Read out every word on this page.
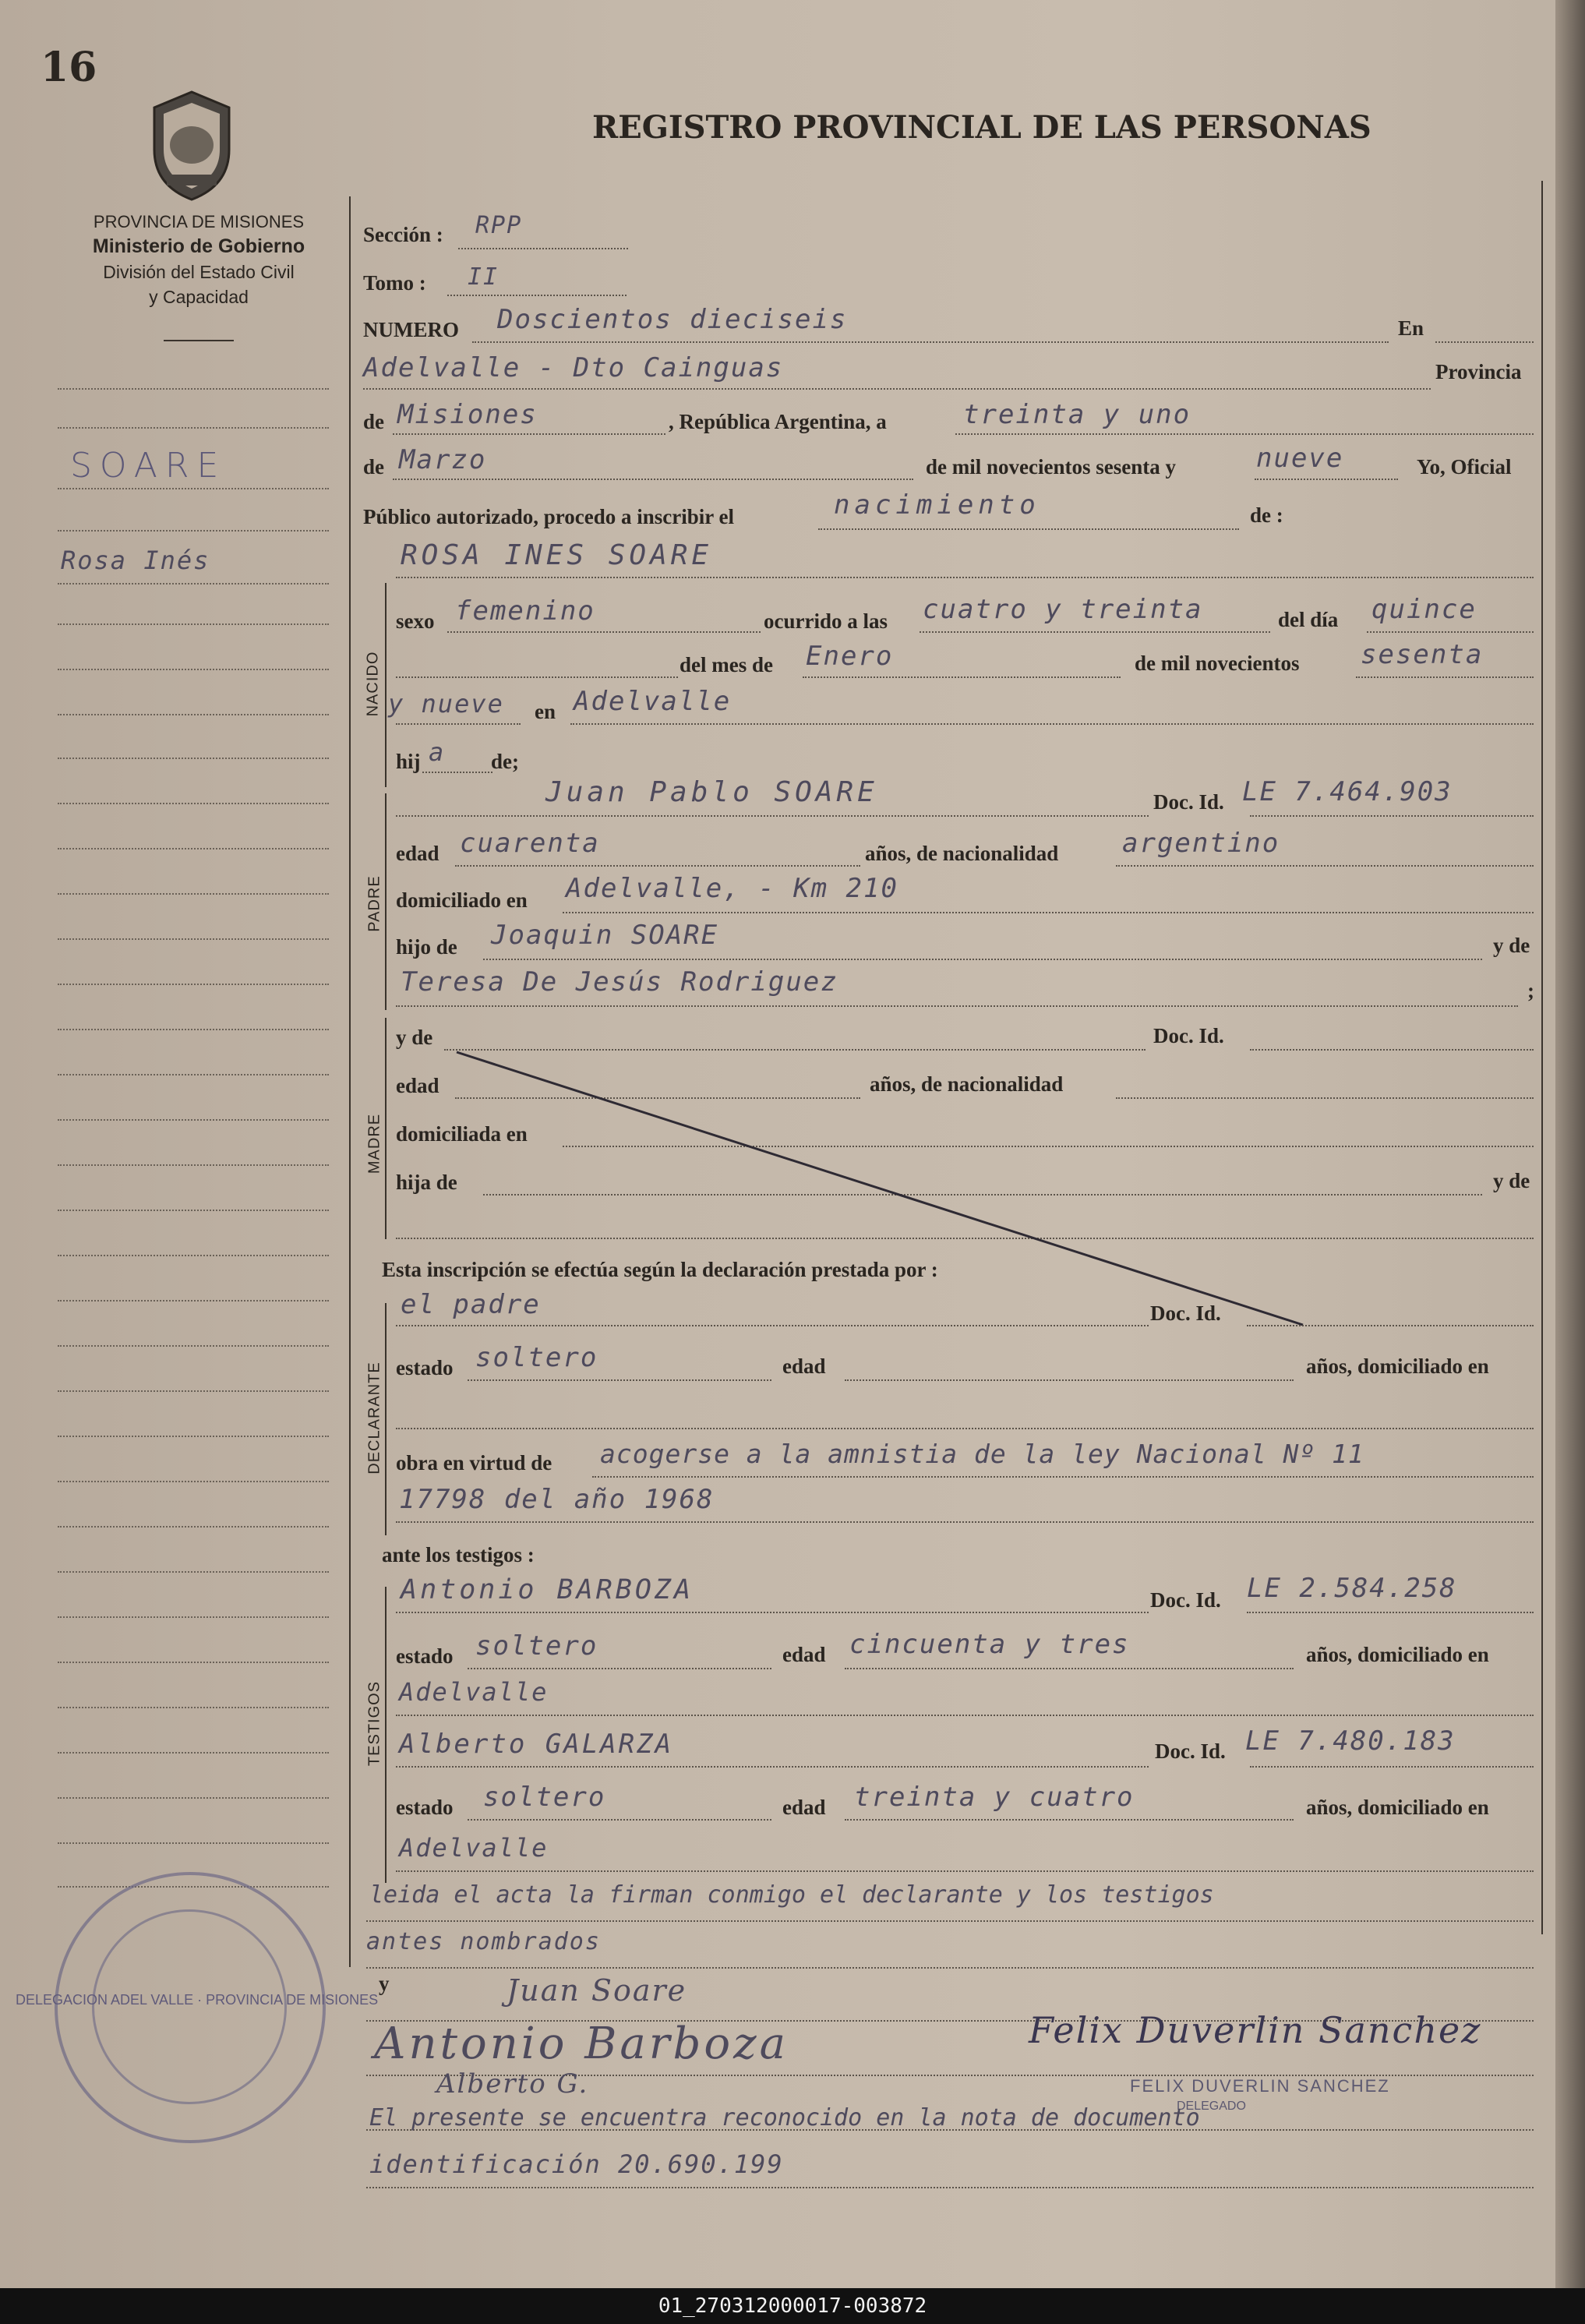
16
PROVINCIA DE MISIONES
Ministerio de Gobierno
División del Estado Civil
y Capacidad
REGISTRO PROVINCIAL DE LAS PERSONAS
SOARE
Rosa Inés
NACIDO
PADRE
MADRE
DECLARANTE
TESTIGOS
Sección : RPP
Tomo : II
NUMERO Doscientos dieciseis	En
Adelvalle - Dto Cainguas	Provincia
de Misiones	, República Argentina, a	treinta y uno
de Marzo	de mil novecientos sesenta y	nueve	Yo, Oficial
Público autorizado, procedo a inscribir el	nacimiento	de :
ROSA INES SOARE
sexo femenino	ocurrido a las cuatro y treinta	del día quince
del mes de Enero	de mil novecientos sesenta
y nueve en Adelvalle
hij a de;
Juan Pablo SOARE	Doc. Id. LE 7.464.903
edad cuarenta	años, de nacionalidad argentino
domiciliado en Adelvalle, - Km 210
hijo de Joaquin SOARE	y de
Teresa De Jesús Rodriguez	;
y de	Doc. Id.
edad	años, de nacionalidad
domiciliada en
hija de	y de
Esta inscripción se efectúa según la declaración prestada por :
el padre	Doc. Id.
estado soltero	edad	años, domiciliado en
obra en virtud de acogerse a la amnistia de la ley Nacional Nº 11
17798 del año 1968
ante los testigos :
Antonio BARBOZA	Doc. Id. LE 2.584.258
estado soltero	edad cincuenta y tres	años, domiciliado en
Adelvalle
Alberto GALARZA	Doc. Id. LE 7.480.183
estado soltero	edad treinta y cuatro	años, domiciliado en
Adelvalle
leida el acta la firman conmigo el declarante y los testigos
antes nombrados
y	Juan Soare
Antonio Barboza
Alberto G.
Felix Duverlin Sanchez
FELIX DUVERLIN SANCHEZ
DELEGADO
El presente se encuentra reconocido en la nota de documento
identificación 20.690.199
DELEGACION ADEL VALLE · PROVINCIA DE MISIONES
01_270312000017-003872
